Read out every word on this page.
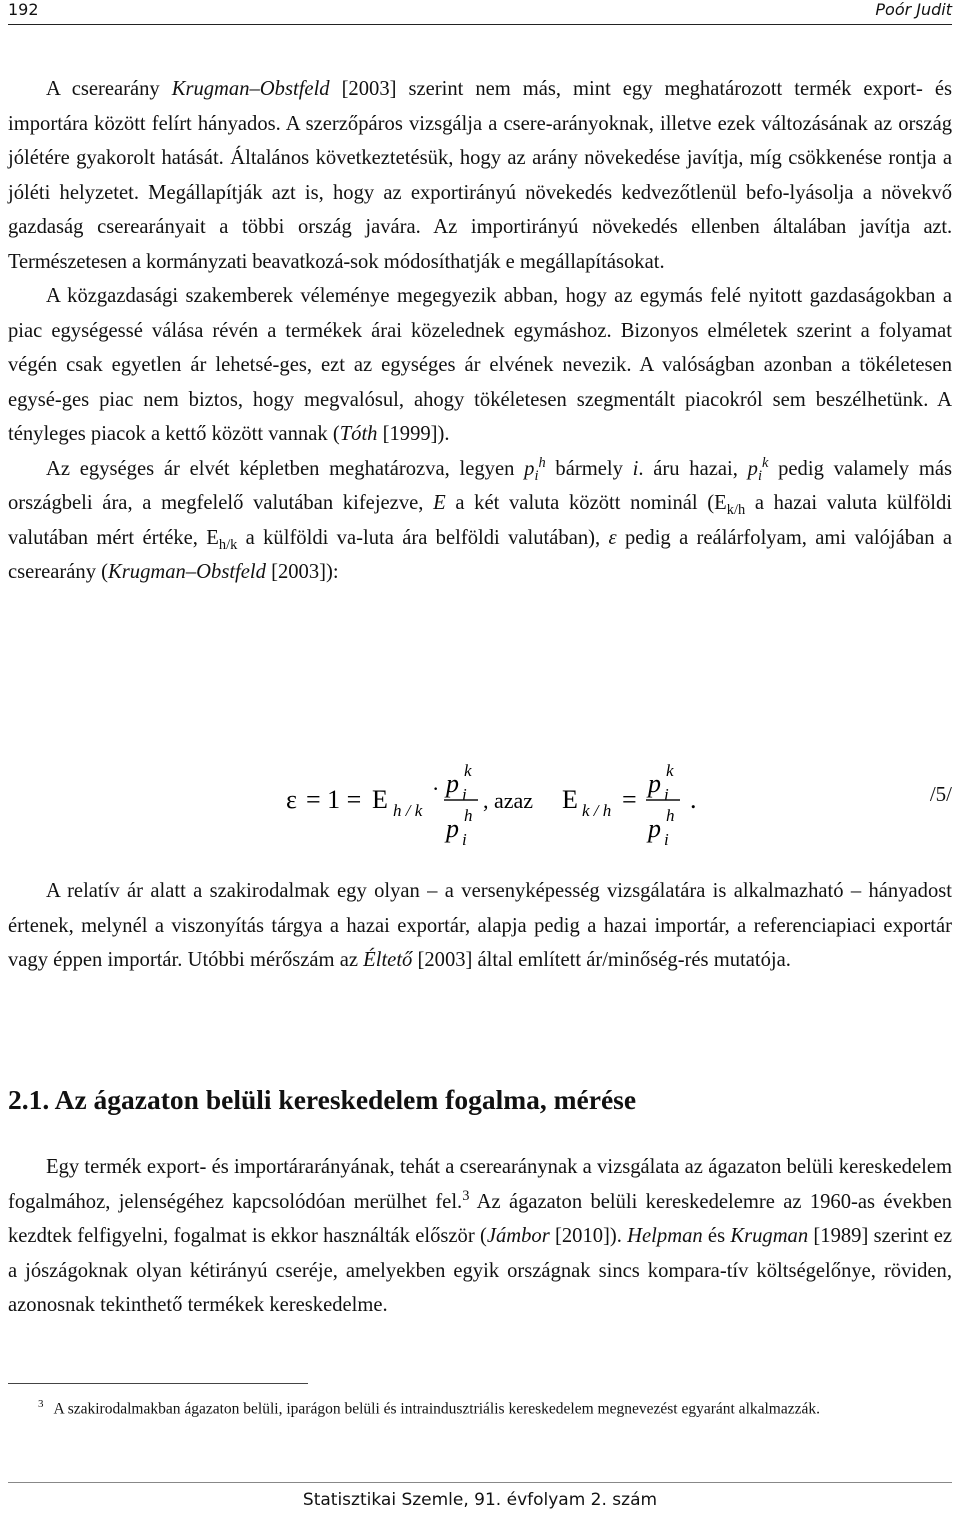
192	Poór Judit

A cserearány Krugman–Obstfeld [2003] szerint nem más, mint egy meghatározott termék export- és importára között felírt hányados. A szerzőpáros vizsgálja a csere-arányoknak, illetve ezek változásának az ország jólétére gyakorolt hatását. Általános következtetésük, hogy az arány növekedése javítja, míg csökkenése rontja a jóléti helyzetet. Megállapítják azt is, hogy az exportirányú növekedés kedvezőtlenül befo-lyásolja a növekvő gazdaság cserearányait a többi ország javára. Az importirányú növekedés ellenben általában javítja azt. Természetesen a kormányzati beavatkozá-sok módosíthatják e megállapításokat.

A közgazdasági szakemberek véleménye megegyezik abban, hogy az egymás felé nyitott gazdaságokban a piac egységessé válása révén a termékek árai közelednek egymáshoz. Bizonyos elméletek szerint a folyamat végén csak egyetlen ár lehetsé-ges, ezt az egységes ár elvének nevezik. A valóságban azonban a tökéletesen egysé-ges piac nem biztos, hogy megvalósul, ahogy tökéletesen szegmentált piacokról sem beszélhetünk. A tényleges piacok a kettő között vannak (Tóth [1999]).

Az egységes ár elvét képletben meghatározva, legyen $p_i^h$ bármely i. áru hazai, $p_i^k$ pedig valamely más országbeli ára, a megfelelő valutában kifejezve, E a két valuta között nominál ($E_{k/h}$ a hazai valuta külföldi valutában mért értéke, $E_{h/k}$ a külföldi va-luta ára belföldi valutában), ε pedig a reálárfolyam, ami valójában a cserearány (Krugman–Obstfeld [2003]):

ε = 1 = E h / k
· p i
k
p i
h
, azaz E k / h =
p i
k
p i
h
.	/5/

A relatív ár alatt a szakirodalmak egy olyan – a versenyképesség vizsgálatára is alkalmazható – hányadost értenek, melynél a viszonyítás tárgya a hazai exportár, alapja pedig a hazai importár, a referenciapiaci exportár vagy éppen importár. Utóbbi mérőszám az Éltető [2003] által említett ár/minőség-rés mutatója.

2.1. Az ágazaton belüli kereskedelem fogalma, mérése

Egy termék export- és importárarányának, tehát a cserearánynak a vizsgálata az ágazaton belüli kereskedelem fogalmához, jelenségéhez kapcsolódóan merülhet fel.$^3$ Az ágazaton belüli kereskedelemre az 1960-as években kezdtek felfigyelni, fogalmat is ekkor használták először (Jámbor [2010]). Helpman és Krugman [1989] szerint ez a jószágoknak olyan kétirányú cseréje, amelyekben egyik országnak sincs kompara-tív költségelőnye, röviden, azonosnak tekinthető termékek kereskedelme.

$^3$ A szakirodalmakban ágazaton belüli, iparágon belüli és intraindusztriális kereskedelem megnevezést egyaránt alkalmazzák.
Statisztikai Szemle, 91. évfolyam 2. szám
